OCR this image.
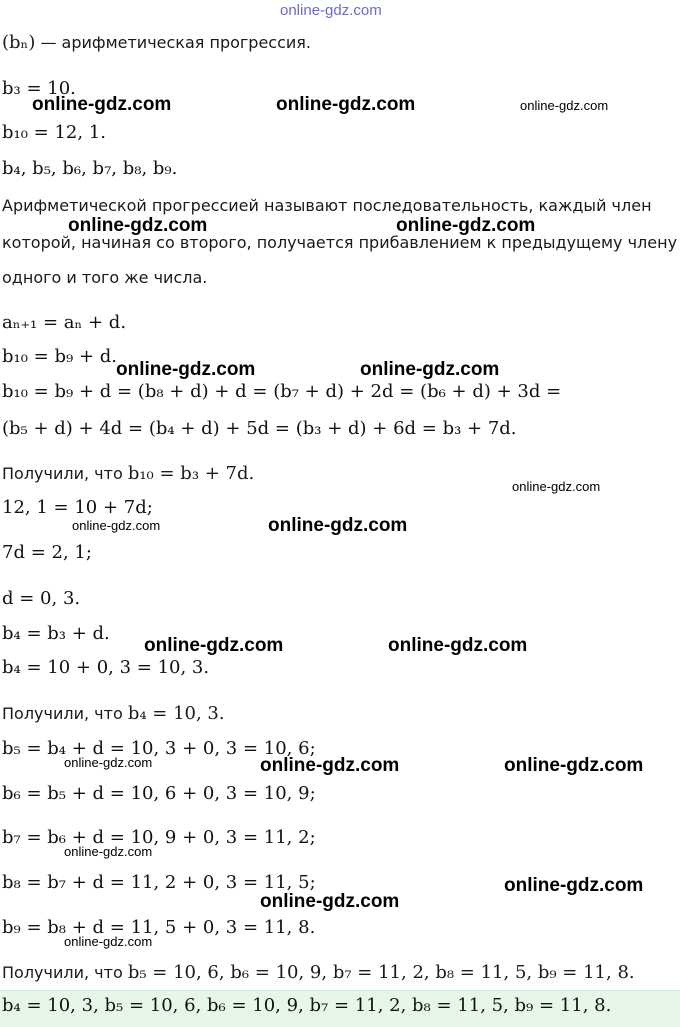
(bₙ) — арифметическая прогрессия.
b₃ = 10.
b₁₀ = 12, 1.
b₄, b₅, b₆, b₇, b₈, b₉.
Арифметической прогрессией называют последовательность, каждый член
которой, начиная со второго, получается прибавлением к предыдущему члену
одного и того же числа.
aₙ₊₁ = aₙ + d.
b₁₀ = b₉ + d.
b₁₀ = b₉ + d = (b₈ + d) + d = (b₇ + d) + 2d = (b₆ + d) + 3d =
(b₅ + d) + 4d = (b₄ + d) + 5d = (b₃ + d) + 6d = b₃ + 7d.
Получили, что b₁₀ = b₃ + 7d.
12, 1 = 10 + 7d;
7d = 2, 1;
d = 0, 3.
b₄ = b₃ + d.
b₄ = 10 + 0, 3 = 10, 3.
Получили, что b₄ = 10, 3.
b₅ = b₄ + d = 10, 3 + 0, 3 = 10, 6;
b₆ = b₅ + d = 10, 6 + 0, 3 = 10, 9;
b₇ = b₆ + d = 10, 9 + 0, 3 = 11, 2;
b₈ = b₇ + d = 11, 2 + 0, 3 = 11, 5;
b₉ = b₈ + d = 11, 5 + 0, 3 = 11, 8.
Получили, что b₅ = 10, 6, b₆ = 10, 9, b₇ = 11, 2, b₈ = 11, 5, b₉ = 11, 8.
b₄ = 10, 3, b₅ = 10, 6, b₆ = 10, 9, b₇ = 11, 2, b₈ = 11, 5, b₉ = 11, 8.
online-gdz.com
online-gdz.com	online-gdz.com	online-gdz.com
online-gdz.com	online-gdz.com
online-gdz.com	online-gdz.com
online-gdz.com
online-gdz.com	online-gdz.com
online-gdz.com	online-gdz.com
online-gdz.com	online-gdz.com	online-gdz.com
online-gdz.com
online-gdz.com
online-gdz.com
online-gdz.com
